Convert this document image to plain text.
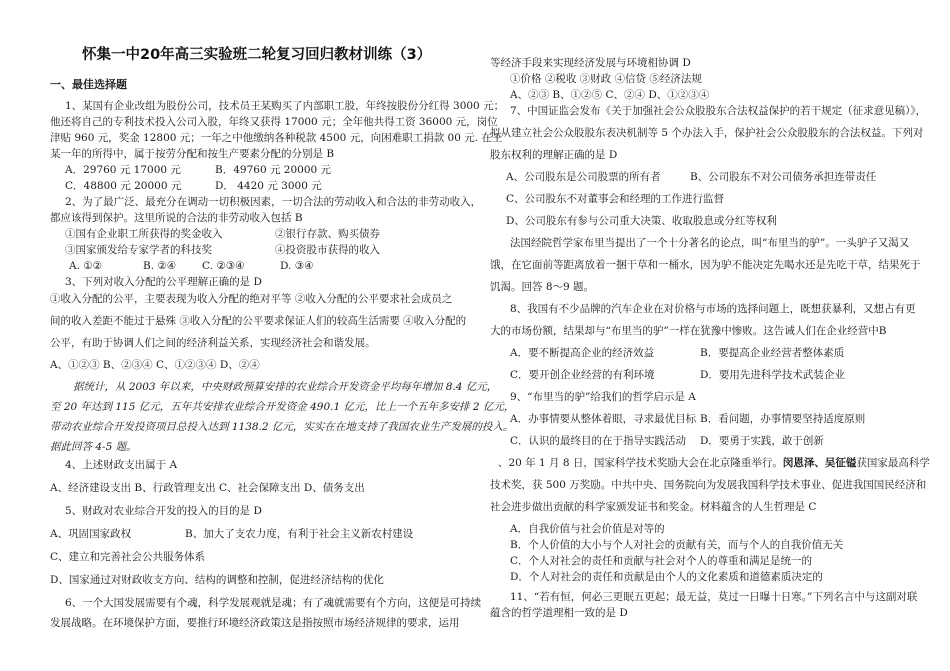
怀集一中20年高三实验班二轮复习回归教材训练（3）
一、最佳选择题
1、某国有企业改组为股份公司，技术员王某购买了内部职工股，年终按股份分红得 3000 元；
他还将自己的专利技术投入公司入股，年终又获得 17000 元；全年他共得工资 36000 元，岗位
津贴 960 元，奖金 12800 元；一年之中他缴纳各种税款 4500 元，向困难职工捐款 00 元. 在王
某一年的所得中，属于按劳分配和按生产要素分配的分别是 B
A．29760 元 17000 元	B．49760 元 20000 元
C．48800 元 20000 元	D． 4420 元 3000 元
2、为了最广泛、最充分在调动一切积极因素，一切合法的劳动收入和合法的非劳动收入，
都应该得到保护。这里所说的合法的非劳动收入包括 B
①国有企业职工所获得的奖金收入	②银行存款、购买债券
③国家颁发给专家学者的科技奖	④投资股市获得的收入
A. ①②	B. ②④ C. ②③④	D. ③④
3、下列对收入分配的公平理解正确的是 D
①收入分配的公平，主要表现为收入分配的绝对平等 ②收入分配的公平要求社会成员之
间的收入差距不能过于悬殊 ③收入分配的公平要求保证人们的较高生活需要 ④收入分配的
公平，有助于协调人们之间的经济利益关系，实现经济社会和谐发展。
A、①②③ B、②③④ C、①②③④ D、②④
据统计，从 2003 年以来，中央财政预算安排的农业综合开发资金平均每年增加 8.4 亿元，
至 20 年达到 115 亿元，五年共安排农业综合开发资金 490.1 亿元，比上一个五年多安排 2 亿元，
带动农业综合开发投资项目总投入达到 1138.2 亿元，实实在在地支持了我国农业生产发展的投入。
据此回答 4-5 题。
4、上述财政支出属于 A
A、经济建设支出 B、行政管理支出 C、社会保障支出 D、债务支出
5、财政对农业综合开发的投入的目的是 D
A、巩固国家政权	B、加大了支农力度，有利于社会主义新农村建设
C、建立和完善社会公共服务体系
D、国家通过对财政收支方向、结构的调整和控制，促进经济结构的优化
6、一个大国发展需要有个魂，科学发展观就是魂；有了魂就需要有个方向，这便是可持续
发展战略。在环境保护方面，要推行环境经济政策这是指按照市场经济规律的要求，运用
等经济手段来实现经济发展与环境相协调 D
①价格 ②税收 ③财政 ④信贷 ⑤经济法规
A、②③ B、①②⑤ C、②④ D、①②③④
7、中国证监会发布《关于加强社会公众股股东合法权益保护的若干规定（征求意见稿）》，
拟从建立社会公众股股东表决机制等 5 个办法入手，保护社会公众股股东的合法权益。下列对
股东权利的理解正确的是 D
A、公司股东是公司股票的所有者	B、公司股东不对公司债务承担连带责任
C、公司股东不对董事会和经理的工作进行监督
D、公司股东有参与公司重大决策、收取股息或分红等权利
法国经院哲学家布里当提出了一个十分著名的论点，叫“布里当的驴”。一头驴子又渴又
饿，在它面前等距离放着一捆干草和一桶水，因为驴不能决定先喝水还是先吃干草，结果死于
饥渴。回答 8～9 题。
8、我国有不少品牌的汽车企业在对价格与市场的选择问题上，既想获暴利，又想占有更
大的市场份额，结果却与“布里当的驴”一样在犹豫中惨败。这告诫人们在企业经营中B
A．要不断提高企业的经济效益	B．要提高企业经营者整体素质
C．要开创企业经营的有利环境	D．要用先进科学技术武装企业
9、“布里当的驴”给我们的哲学启示是 A
A．办事情要从整体着眼，寻求最优目标 B．看问题，办事情要坚持适度原则
C．认识的最终目的在于指导实践活动 D．要勇于实践，敢于创新
、20 年 1 月 8 日，国家科学技术奖励大会在北京隆重举行。闵恩泽、吴征镒获国家最高科学
技术奖，获 500 万奖励。中共中央、国务院向为发展我国科学技术事业、促进我国国民经济和
社会进步做出贡献的科学家颁发证书和奖金。材料蕴含的人生哲理是 C
A．自我价值与社会价值是对等的
B．个人价值的大小与个人对社会的贡献有关，而与个人的自我价值无关
C．个人对社会的责任和贡献与社会对个人的尊重和满足是统一的
D．个人对社会的责任和贡献是由个人的文化素质和道德素质决定的
11、“若有恒，何必三更眠五更起；最无益，莫过一日曝十日寒。”下列名言中与这副对联
蕴含的哲学道理相一致的是 D
